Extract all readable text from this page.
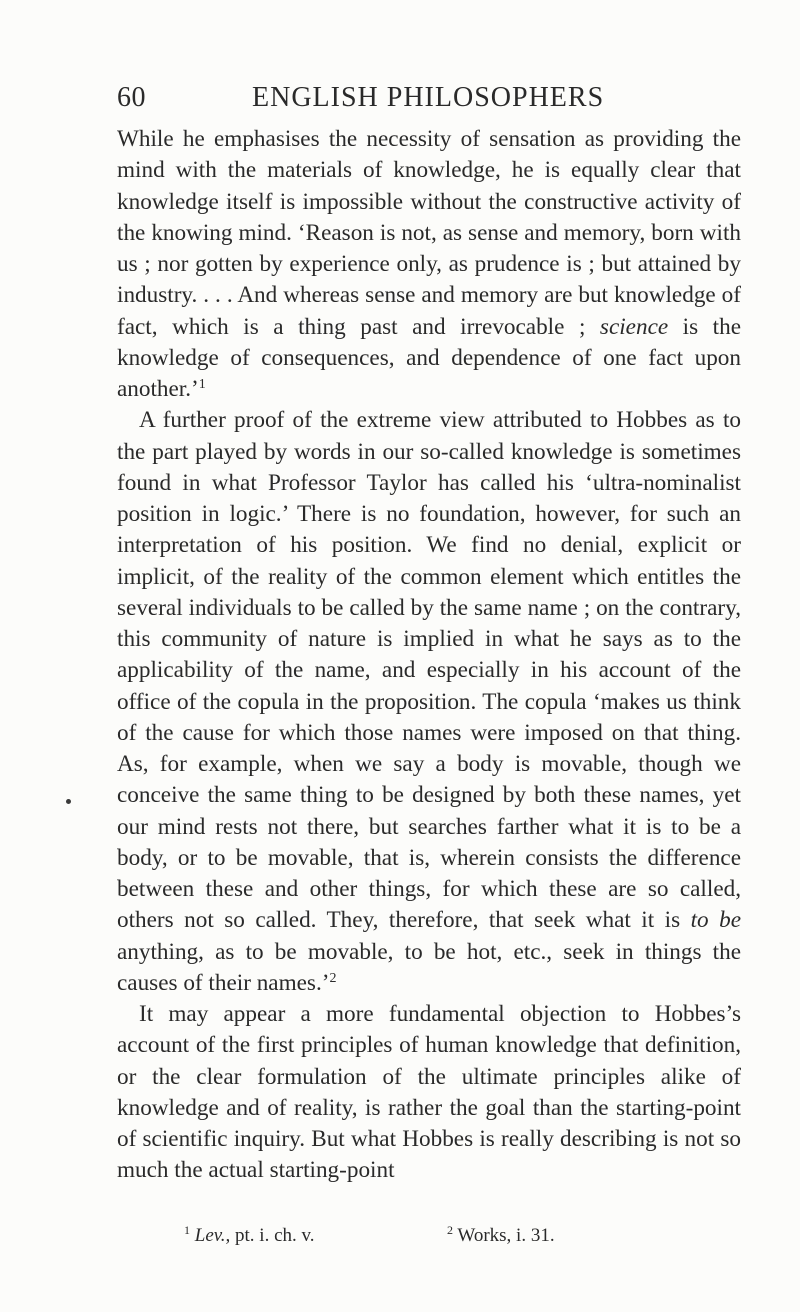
60	ENGLISH PHILOSOPHERS

While he emphasises the necessity of sensation as providing the mind with the materials of knowledge, he is equally clear that knowledge itself is impossible without the constructive activity of the knowing mind. ‘Reason is not, as sense and memory, born with us ; nor gotten by experience only, as prudence is ; but attained by industry. . . . And whereas sense and memory are but knowledge of fact, which is a thing past and irrevocable ; science is the knowledge of consequences, and dependence of one fact upon another.’$^1$

A further proof of the extreme view attributed to Hobbes as to the part played by words in our so-called knowledge is sometimes found in what Professor Taylor has called his ‘ultra-nominalist position in logic.’ There is no foundation, however, for such an interpretation of his position. We find no denial, explicit or implicit, of the reality of the common element which entitles the several individuals to be called by the same name ; on the contrary, this community of nature is implied in what he says as to the applicability of the name, and especially in his account of the office of the copula in the proposition. The copula ‘makes us think of the cause for which those names were imposed on that thing. As, for example, when we say a body is movable, though we conceive the same thing to be designed by both these names, yet our mind rests not there, but searches farther what it is to be a body, or to be movable, that is, wherein consists the difference between these and other things, for which these are so called, others not so called. They, therefore, that seek what it is to be anything, as to be movable, to be hot, etc., seek in things the causes of their names.’$^2$

It may appear a more fundamental objection to Hobbes’s account of the first principles of human knowledge that definition, or the clear formulation of the ultimate principles alike of knowledge and of reality, is rather the goal than the starting-point of scientific inquiry. But what Hobbes is really describing is not so much the actual starting-point

$^1$ Lev., pt. i. ch. v.	$^2$ Works, i. 31.
